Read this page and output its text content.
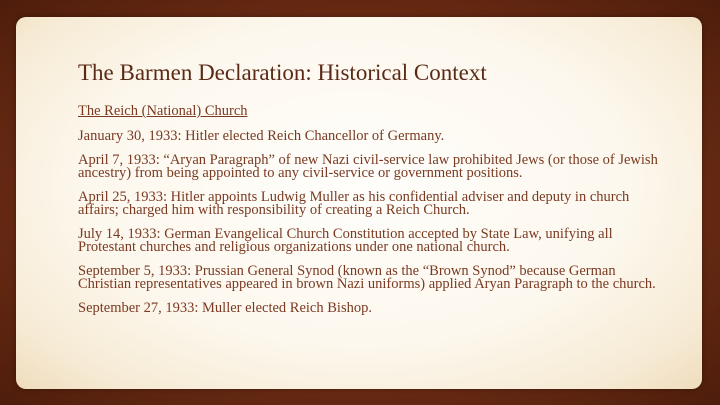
The Barmen Declaration: Historical Context

The Reich (National) Church

January 30, 1933: Hitler elected Reich Chancellor of Germany.
April 7, 1933: “Aryan Paragraph” of new Nazi civil-service law prohibited Jews (or those of Jewish ancestry) from being appointed to any civil-service or government positions.
April 25, 1933: Hitler appoints Ludwig Muller as his confidential adviser and deputy in church affairs; charged him with responsibility of creating a Reich Church.
July 14, 1933: German Evangelical Church Constitution accepted by State Law, unifying all Protestant churches and religious organizations under one national church.
September 5, 1933: Prussian General Synod (known as the “Brown Synod” because German Christian representatives appeared in brown Nazi uniforms) applied Aryan Paragraph to the church.
September 27, 1933: Muller elected Reich Bishop.
